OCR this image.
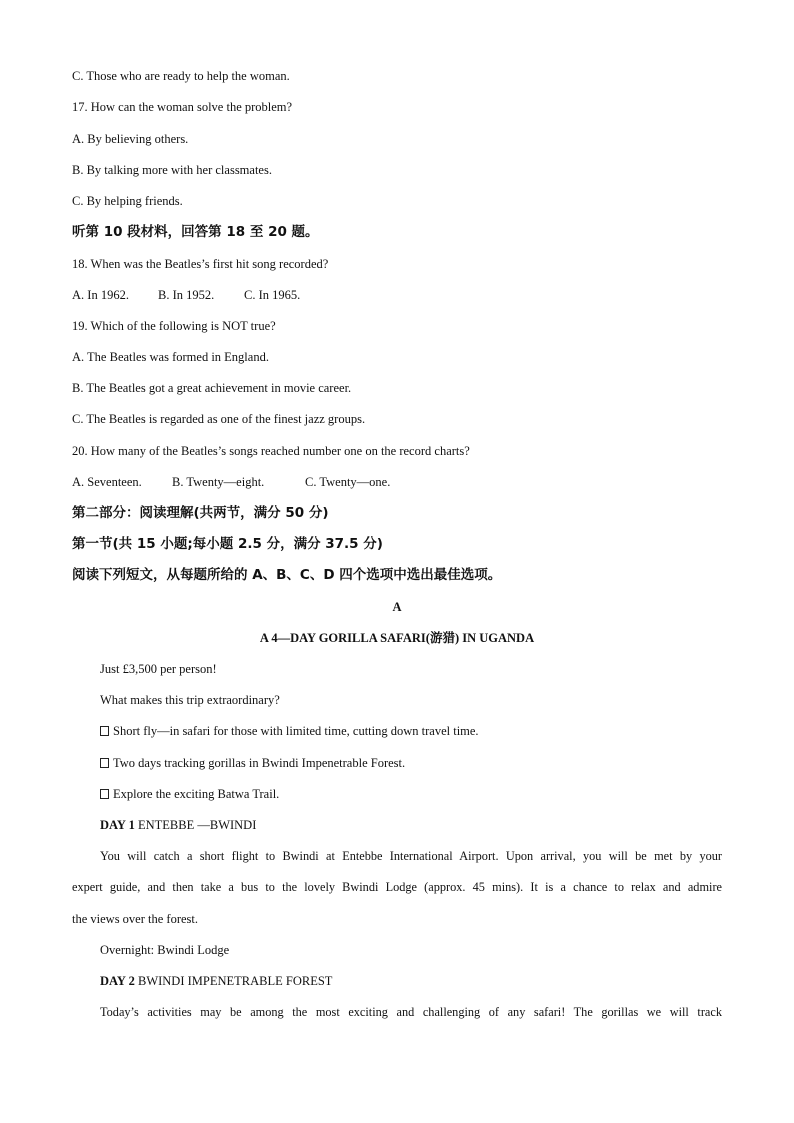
C. Those who are ready to help the woman.
17. How can the woman solve the problem?
A. By believing others.
B. By talking more with her classmates.
C. By helping friends.
听第 10 段材料，回答第 18 至 20 题。
18. When was the Beatles’s first hit song recorded?
A. In 1962. B. In 1952. C. In 1965.
19. Which of the following is NOT true?
A. The Beatles was formed in England.
B. The Beatles got a great achievement in movie career.
C. The Beatles is regarded as one of the finest jazz groups.
20. How many of the Beatles’s songs reached number one on the record charts?
A. Seventeen. B. Twenty—eight.	C. Twenty—one.
第二部分：阅读理解(共两节，满分 50 分)
第一节(共 15 小题;每小题 2.5 分，满分 37.5 分)
阅读下列短文，从每题所给的 A、B、C、D 四个选项中选出最佳选项。
A
A 4—DAY GORILLA SAFARI(游猎) IN UGANDA
Just £3,500 per person!
What makes this trip extraordinary?
Short fly—in safari for those with limited time, cutting down travel time.
Two days tracking gorillas in Bwindi Impenetrable Forest.
Explore the exciting Batwa Trail.
DAY 1 ENTEBBE —BWINDI
You will catch a short flight to Bwindi at Entebbe International Airport. Upon arrival, you will be met by your
expert guide, and then take a bus to the lovely Bwindi Lodge (approx. 45 mins). It is a chance to relax and admire
the views over the forest.
Overnight: Bwindi Lodge
DAY 2 BWINDI IMPENETRABLE FOREST
Today’s activities may be among the most exciting and challenging of any safari! The gorillas we will track
